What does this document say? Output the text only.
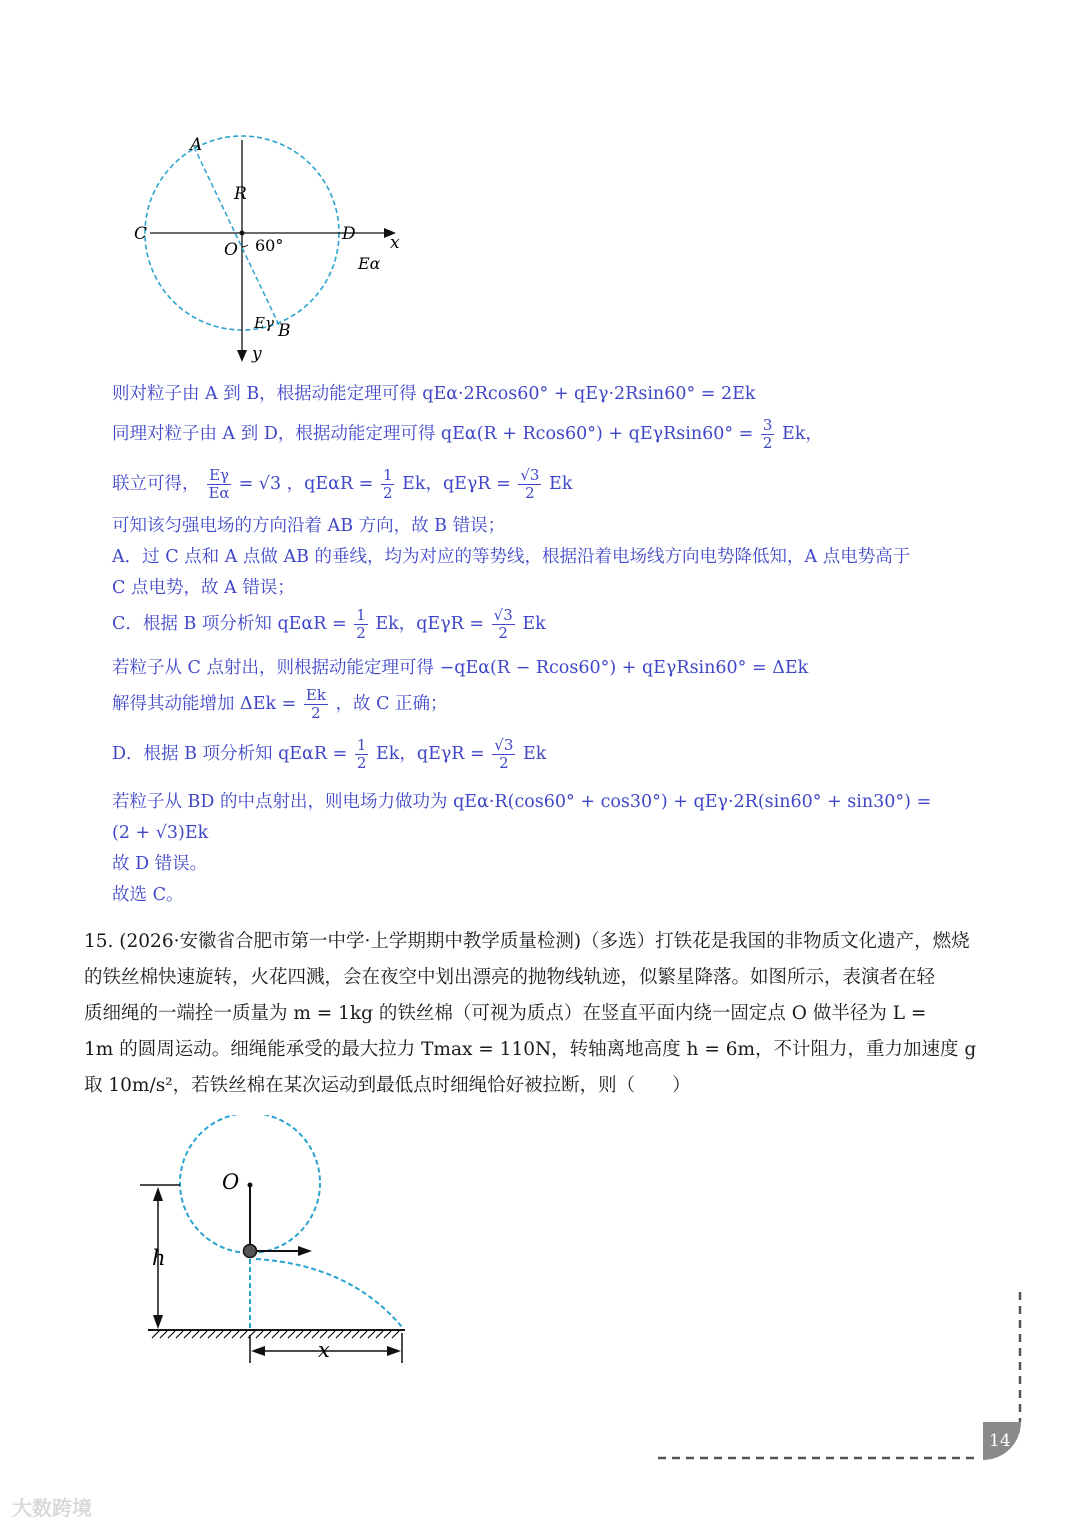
A
R
C
O 60°
D x
Eα
Eγ B
y
则对粒子由 A 到 B，根据动能定理可得 qEα·2Rcos60° + qEγ·2Rsin60° = 2Ek
同理对粒子由 A 到 D，根据动能定理可得 $qE\alpha(R + Rcos60^\circ) + qE\gamma Rsin60^\circ = \frac{3}{2}$ Ek，
联立可得， $\frac{E\gamma}{E\alpha} = √3$ ，$qE\alpha R = \frac{1}{2}$ Ek，$qE\gamma R = \frac{√3}{2}$ Ek
可知该匀强电场的方向沿着 AB 方向，故 B 错误；
A．过 C 点和 A 点做 AB 的垂线，均为对应的等势线，根据沿着电场线方向电势降低知，A 点电势高于
C 点电势，故 A 错误；
C．根据 B 项分析知 $qE\alpha R = \frac{1}{2}$ Ek，$qE\gamma R = \frac{√3}{2}$ Ek
若粒子从 C 点射出，则根据动能定理可得 −qEα(R − Rcos60°) + qEγRsin60° = ΔEk
解得其动能增加 $\Delta Ek = \frac{Ek}{2}$ ，故 C 正确；
D．根据 B 项分析知 $qE\alpha R = \frac{1}{2}$ Ek，$qE\gamma R = \frac{√3}{2}$ Ek
若粒子从 BD 的中点射出，则电场力做功为 qEα·R(cos60° + cos30°) + qEγ·2R(sin60° + sin30°) =
(2 + √3)Ek
故 D 错误。
故选 C。
15. (2026·安徽省合肥市第一中学·上学期期中教学质量检测)（多选）打铁花是我国的非物质文化遗产，燃烧
的铁丝棉快速旋转，火花四溅，会在夜空中划出漂亮的抛物线轨迹，似繁星降落。如图所示，表演者在轻
质细绳的一端拴一质量为 m = 1kg 的铁丝棉（可视为质点）在竖直平面内绕一固定点 O 做半径为 L =
1m 的圆周运动。细绳能承受的最大拉力 Tmax = 110N，转轴离地高度 h = 6m，不计阻力，重力加速度 g
取 10m/s²，若铁丝棉在某次运动到最低点时细绳恰好被拉断，则（　　）
O
h
x
14
大数跨境
